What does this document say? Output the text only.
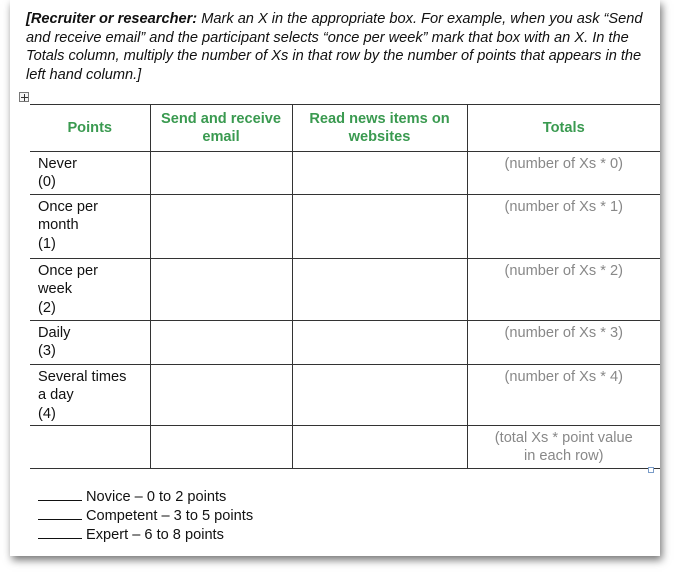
[Recruiter or researcher: Mark an X in the appropriate box. For example, when you ask “Send and receive email” and the participant selects “once per week” mark that box with an X. In the Totals column, multiply the number of Xs in that row by the number of points that appears in the left hand column.]
Points	Send and receive email	Read news items on websites	Totals

Never
(0)			(number of Xs * 0)

Once per
month
(1)			(number of Xs * 1)

Once per
week
(2)			(number of Xs * 2)

Daily
(3)			(number of Xs * 3)

Several times
a day
(4)			(number of Xs * 4)

			(total Xs * point value
in each row)
Novice – 0 to 2 points
Competent – 3 to 5 points
Expert – 6 to 8 points
